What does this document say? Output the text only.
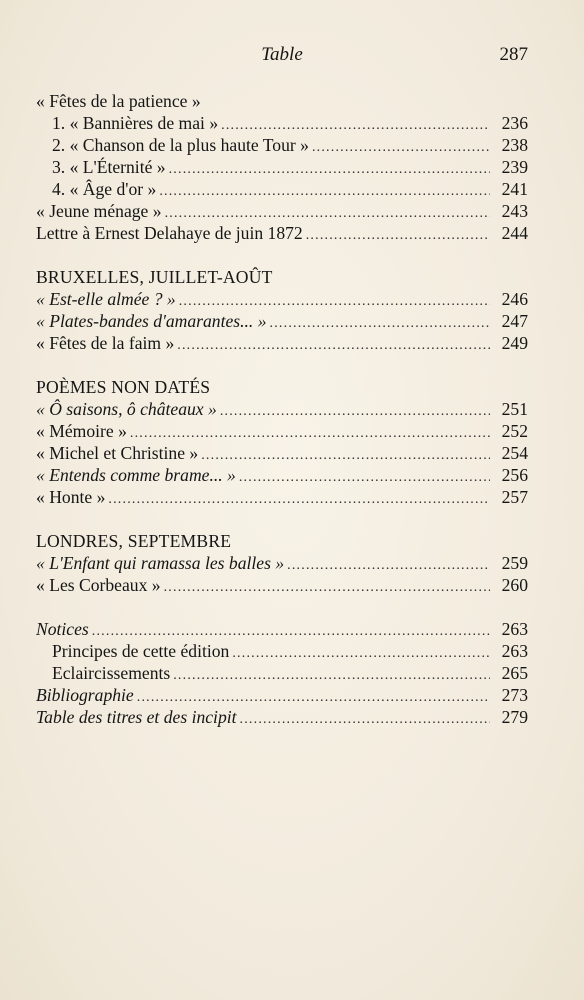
Table	287
« Fêtes de la patience »
1. « Bannières de mai » .....	236
2. « Chanson de la plus haute Tour » .....	238
3. « L'Éternité » .....	239
4. « Âge d'or » .....	241
« Jeune ménage » .....	243
Lettre à Ernest Delahaye de juin 1872 .....	244
BRUXELLES, JUILLET-AOÛT
« Est-elle almée ? » .....	246
« Plates-bandes d'amarantes... » .....	247
« Fêtes de la faim » .....	249
POÈMES NON DATÉS
« Ô saisons, ô châteaux » .....	251
« Mémoire » .....	252
« Michel et Christine » .....	254
« Entends comme brame... » .....	256
« Honte » .....	257
LONDRES, SEPTEMBRE
« L'Enfant qui ramassa les balles » .....	259
« Les Corbeaux » .....	260
Notices .....	263
Principes de cette édition .....	263
Eclaircissements .....	265
Bibliographie .....	273
Table des titres et des incipit .....	279
